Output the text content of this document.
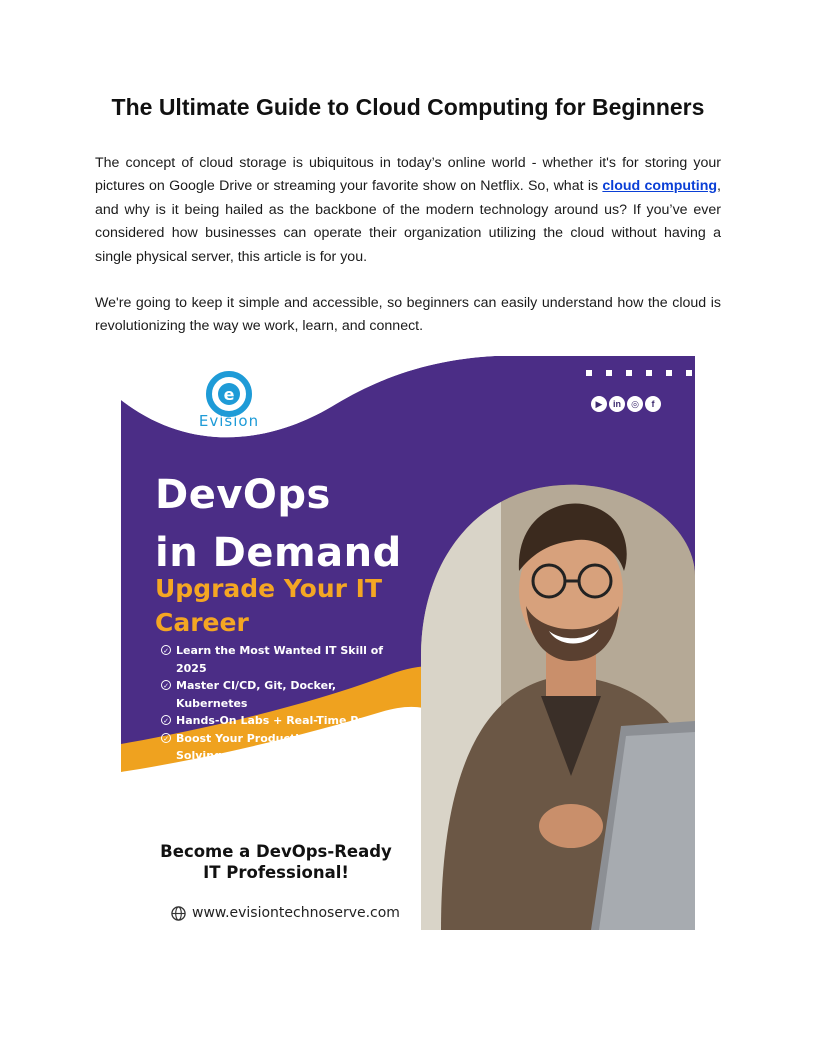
The Ultimate Guide to Cloud Computing for Beginners

The concept of cloud storage is ubiquitous in today’s online world - whether it's for storing your pictures on Google Drive or streaming your favorite show on Netflix. So, what is cloud computing, and why is it being hailed as the backbone of the modern technology around us? If you’ve ever considered how businesses can operate their organization utilizing the cloud without having a single physical server, this article is for you.

We're going to keep it simple and accessible, so beginners can easily understand how the cloud is revolutionizing the way we work, learn, and connect.

e
Evision
▶	in	◎	f
DevOps
in Demand
Upgrade Your IT Career
✓ Learn the Most Wanted IT Skill of 2025
✓ Master CI/CD, Git, Docker, Kubernetes
✓ Hands-On Labs + Real-Time Projects
✓ Boost Your Productivity & Problem-Solving
✓ Perfect for Freshers, IT Support & Developers

Become a DevOps-Ready
IT Professional!

www.evisiontechnoserve.com
